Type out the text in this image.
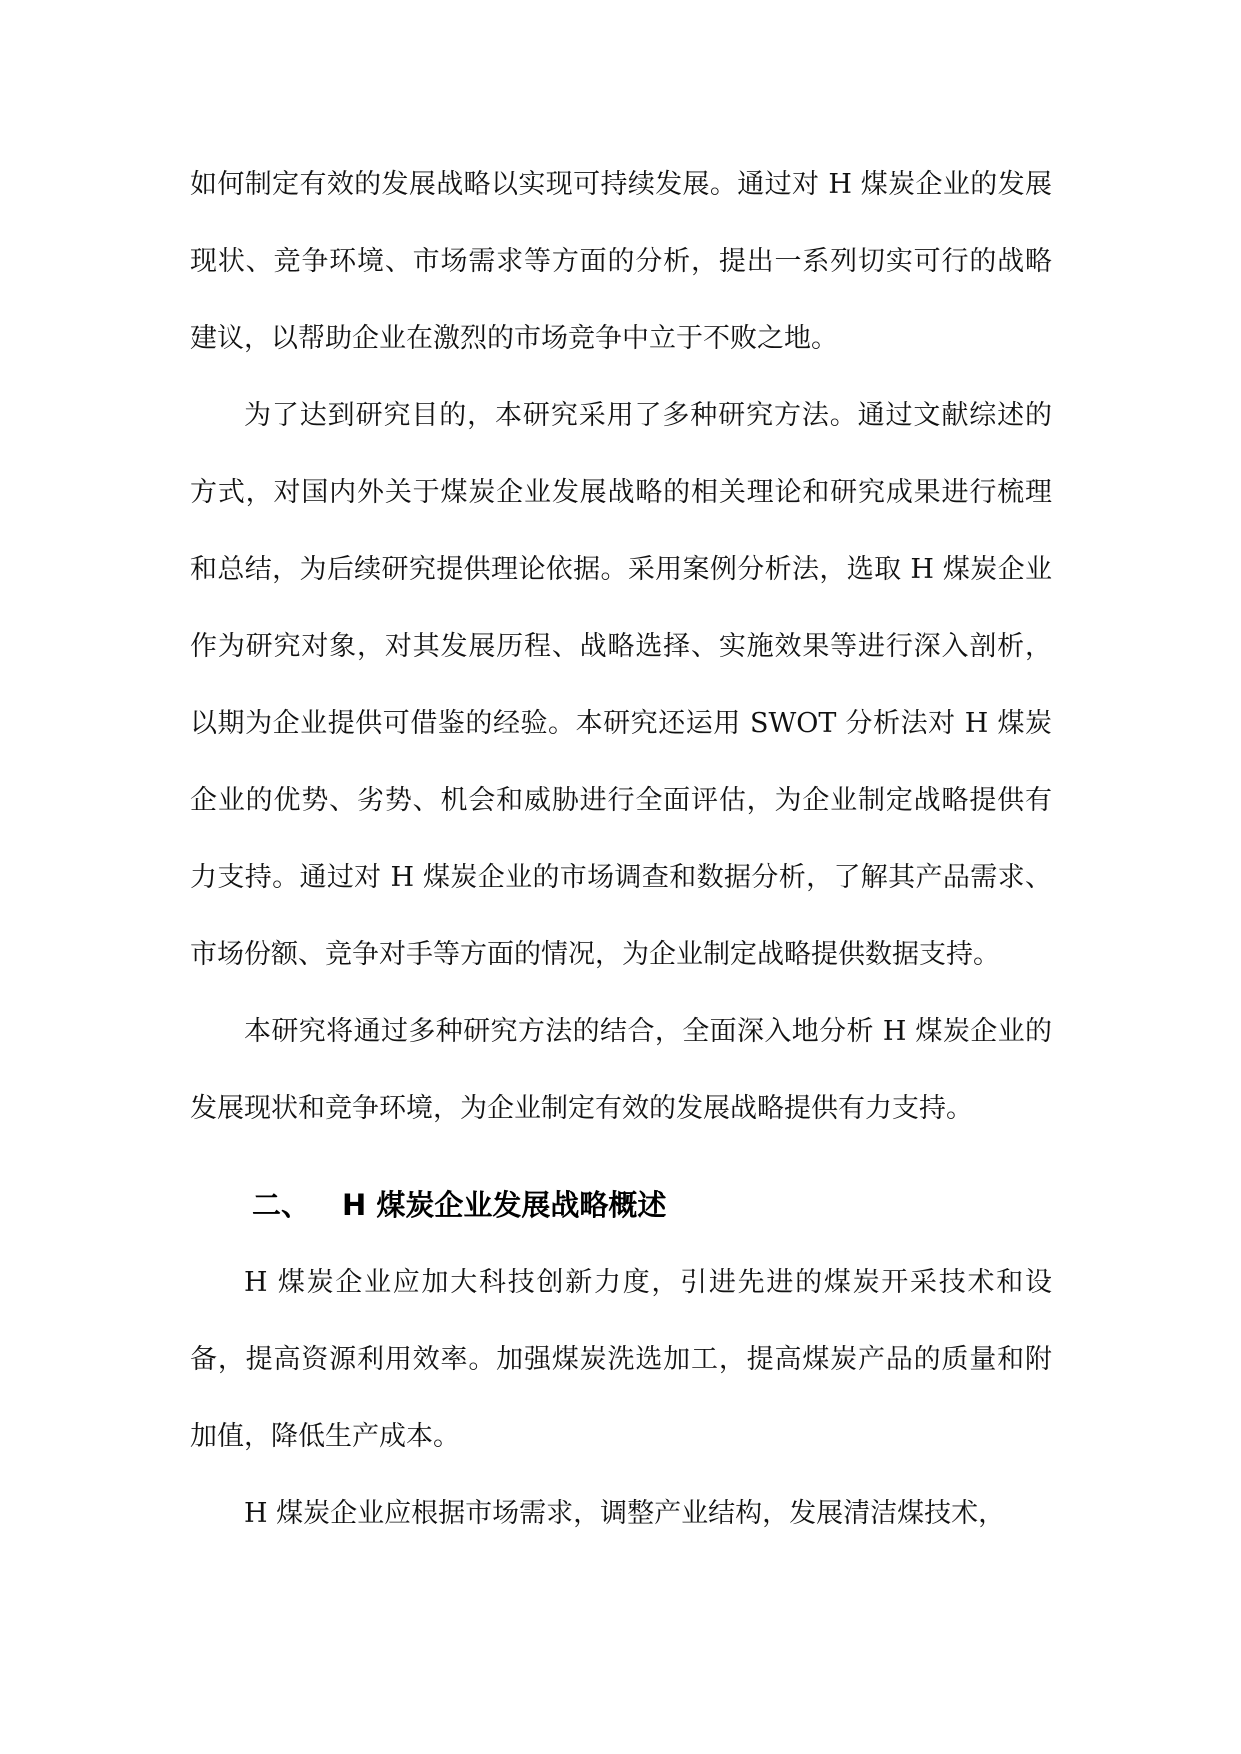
如何制定有效的发展战略以实现可持续发展。通过对 H 煤炭企业的发展现状、竞争环境、市场需求等方面的分析，提出一系列切实可行的战略建议，以帮助企业在激烈的市场竞争中立于不败之地。

为了达到研究目的，本研究采用了多种研究方法。通过文献综述的方式，对国内外关于煤炭企业发展战略的相关理论和研究成果进行梳理和总结，为后续研究提供理论依据。采用案例分析法，选取 H 煤炭企业作为研究对象，对其发展历程、战略选择、实施效果等进行深入剖析，以期为企业提供可借鉴的经验。本研究还运用 SWOT 分析法对 H 煤炭企业的优势、劣势、机会和威胁进行全面评估，为企业制定战略提供有力支持。通过对 H 煤炭企业的市场调查和数据分析，了解其产品需求、市场份额、竞争对手等方面的情况，为企业制定战略提供数据支持。

本研究将通过多种研究方法的结合，全面深入地分析 H 煤炭企业的发展现状和竞争环境，为企业制定有效的发展战略提供有力支持。

二、 H 煤炭企业发展战略概述

H 煤炭企业应加大科技创新力度，引进先进的煤炭开采技术和设备，提高资源利用效率。加强煤炭洗选加工，提高煤炭产品的质量和附加值，降低生产成本。

H 煤炭企业应根据市场需求，调整产业结构，发展清洁煤技术，
